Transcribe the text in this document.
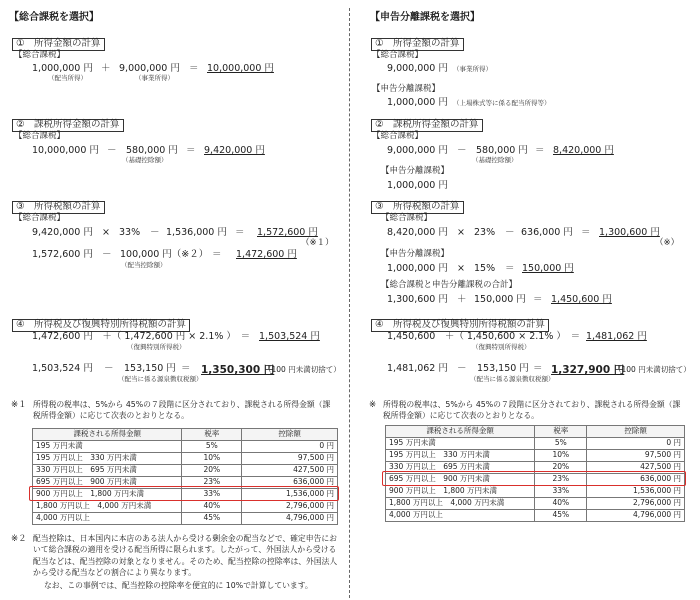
【総合課税を選択】
①　所得金額の計算
【総合課税】
1,000,000 円
（配当所得）
＋ 9,000,000 円
（事業所得）
＝ 10,000,000 円
②　課税所得金額の計算
【総合課税】
10,000,000 円 － 580,000 円
（基礎控除額）
＝ 9,420,000 円
③　所得税額の計算
【総合課税】
9,420,000 円 × 33% － 1,536,000 円 ＝ 1,572,600 円
（※１）
1,572,600 円 － 100,000 円（※２）
（配当控除額）
＝ 1,472,600 円
④　所得税及び復興特別所得税額の計算
1,472,600 円　＋（ 1,472,600 円 × 2.1% ）　＝ 1,503,524 円
（復興特別所得税）
1,503,524 円 － 153,150 円
（配当に係る源泉徴収税額）
＝ 1,350,300 円
（100 円未満切捨て）
※１ 所得税の税率は、5%から 45%の７段階に区分されており、課税される所得金額（課税所得金額）に応じて次表のとおりとなる。
課税される所得金額	税率	控除額
195 万円未満	5%	0 円
195 万円以上　330 万円未満	10%	97,500 円
330 万円以上　695 万円未満	20%	427,500 円
695 万円以上　900 万円未満	23%	636,000 円
900 万円以上　1,800 万円未満	33%	1,536,000 円
1,800 万円以上　4,000 万円未満	40%	2,796,000 円
4,000 万円以上	45%	4,796,000 円
※２ 配当控除は、日本国内に本店のある法人から受ける剰余金の配当などで、確定申告において総合課税の適用を受ける配当所得に限られます。したがって、外国法人から受ける配当などは、配当控除の対象となりません。そのため、配当控除の控除率は、外国法人から受ける配当などの割合により異なります。
なお、この事例では、配当控除の控除率を便宜的に 10%で計算しています。
【申告分離課税を選択】
①　所得金額の計算
【総合課税】
9,000,000 円 （事業所得）
【申告分離課税】
1,000,000 円 （上場株式等に係る配当所得等）
②　課税所得金額の計算
【総合課税】
9,000,000 円 － 580,000 円
（基礎控除額）
＝ 8,420,000 円
【申告分離課税】
1,000,000 円
③　所得税額の計算
【総合課税】
8,420,000 円 × 23% － 636,000 円 ＝ 1,300,600 円
（※）
【申告分離課税】
1,000,000 円 × 15% ＝ 150,000 円
【総合課税と申告分離課税の合計】
1,300,600 円 ＋ 150,000 円 ＝ 1,450,600 円
④　所得税及び復興特別所得税額の計算
1,450,600　＋（ 1,450,600 × 2.1% ）　＝ 1,481,062 円
（復興特別所得税）
1,481,062 円 － 153,150 円
（配当に係る源泉徴収税額）
＝ 1,327,900 円
（100 円未満切捨て）
※ 所得税の税率は、5%から 45%の７段階に区分されており、課税される所得金額（課税所得金額）に応じて次表のとおりとなる。
課税される所得金額	税率	控除額
195 万円未満	5%	0 円
195 万円以上　330 万円未満	10%	97,500 円
330 万円以上　695 万円未満	20%	427,500 円
695 万円以上　900 万円未満	23%	636,000 円
900 万円以上　1,800 万円未満	33%	1,536,000 円
1,800 万円以上　4,000 万円未満	40%	2,796,000 円
4,000 万円以上	45%	4,796,000 円
